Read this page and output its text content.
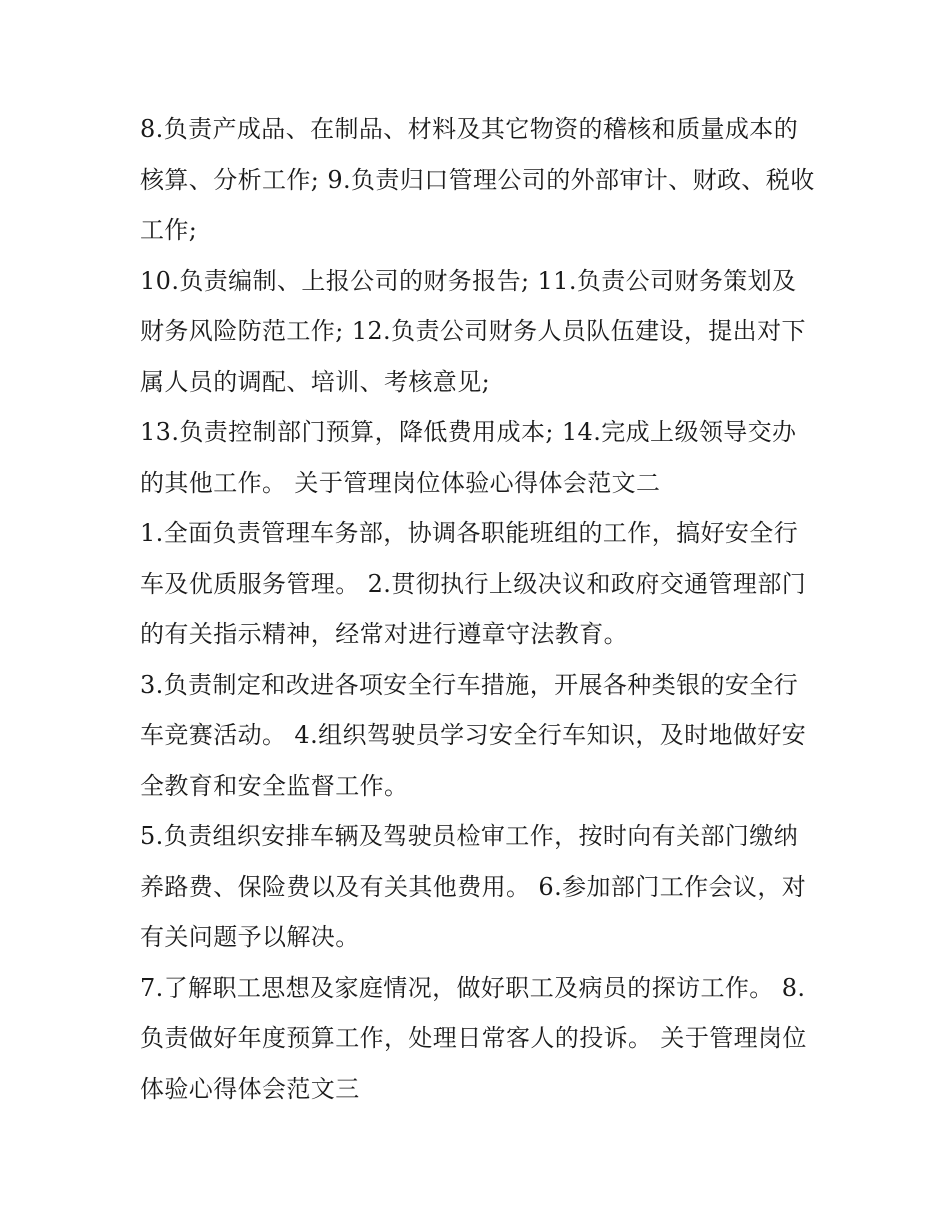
8.负责产成品、在制品、材料及其它物资的稽核和质量成本的核算、分析工作; 9.负责归口管理公司的外部审计、财政、税收工作;

10.负责编制、上报公司的财务报告; 11.负责公司财务策划及财务风险防范工作; 12.负责公司财务人员队伍建设，提出对下属人员的调配、培训、考核意见;

13.负责控制部门预算，降低费用成本; 14.完成上级领导交办的其他工作。 关于管理岗位体验心得体会范文二

1.全面负责管理车务部，协调各职能班组的工作，搞好安全行车及优质服务管理。 2.贯彻执行上级决议和政府交通管理部门的有关指示精神，经常对进行遵章守法教育。

3.负责制定和改进各项安全行车措施，开展各种类银的安全行车竞赛活动。 4.组织驾驶员学习安全行车知识，及时地做好安全教育和安全监督工作。

5.负责组织安排车辆及驾驶员检审工作，按时向有关部门缴纳养路费、保险费以及有关其他费用。 6.参加部门工作会议，对有关问题予以解决。

7.了解职工思想及家庭情况，做好职工及病员的探访工作。 8.负责做好年度预算工作，处理日常客人的投诉。 关于管理岗位体验心得体会范文三
